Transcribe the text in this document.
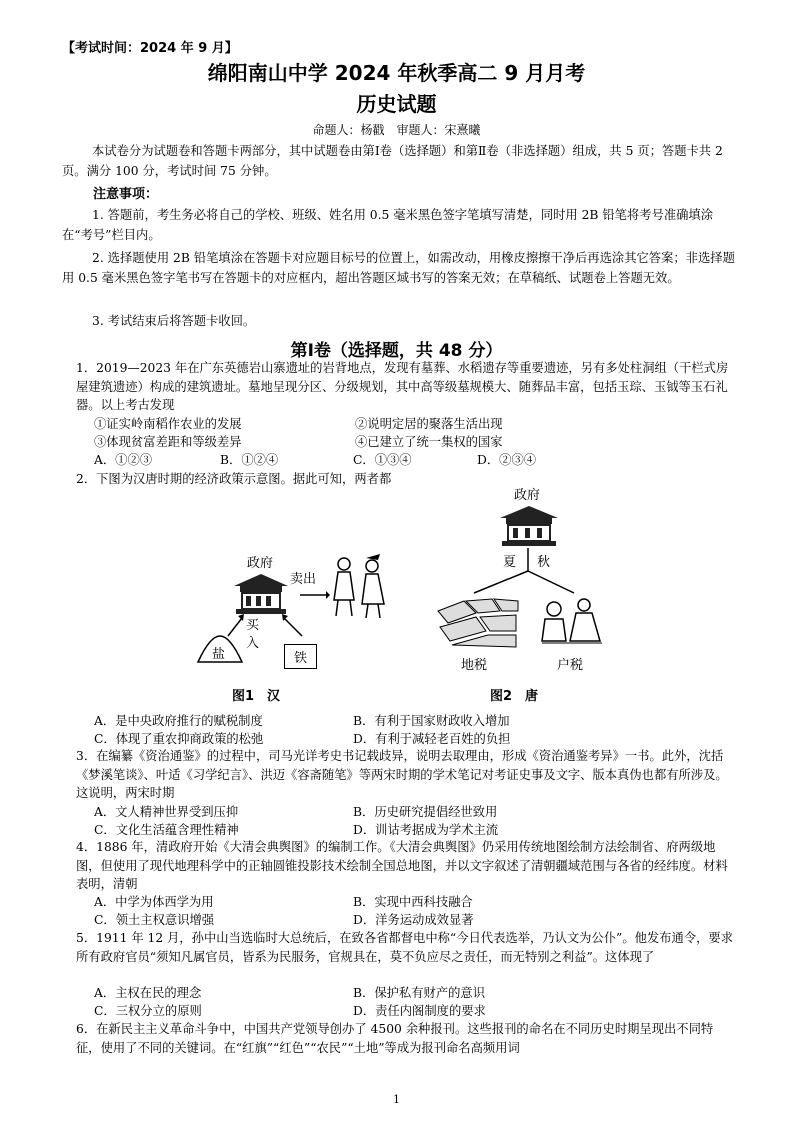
【考试时间：2024 年 9 月】
绵阳南山中学 2024 年秋季高二 9 月月考
历史试题
命题人：杨戳　审题人：宋熹曦
本试卷分为试题卷和答题卡两部分，其中试题卷由第Ⅰ卷（选择题）和第Ⅱ卷（非选择题）组成，共 5 页；答题卡共 2 页。满分 100 分，考试时间 75 分钟。
注意事项：
1. 答题前，考生务必将自己的学校、班级、姓名用 0.5 毫米黑色签字笔填写清楚，同时用 2B 铅笔将考号准确填涂在“考号”栏目内。
2. 选择题使用 2B 铅笔填涂在答题卡对应题目标号的位置上，如需改动，用橡皮擦擦干净后再选涂其它答案；非选择题用 0.5 毫米黑色签字笔书写在答题卡的对应框内，超出答题区域书写的答案无效；在草稿纸、试题卷上答题无效。
3. 考试结束后将答题卡收回。
第Ⅰ卷（选择题，共 48 分）
1．2019—2023 年在广东英德岩山寨遗址的岩背地点，发现有墓葬、水稻遗存等重要遗迹，另有多处柱洞组（干栏式房屋建筑遗迹）构成的建筑遗址。墓地呈现分区、分级规划，其中高等级墓规模大、随葬品丰富，包括玉琮、玉钺等玉石礼器。以上考古发现
①证实岭南稻作农业的发展	②说明定居的聚落生活出现
③体现贫富差距和等级差异	④已建立了统一集权的国家
A．①②③	B．①②④	C．①③④	D．②③④
2．下图为汉唐时期的经济政策示意图。据此可知，两者都
政府
卖出
买
入
盐	铁
图1　汉
政府
夏 秋
地税	户税
图2　唐
A．是中央政府推行的赋税制度	B．有利于国家财政收入增加
C．体现了重农抑商政策的松弛	D．有利于减轻老百姓的负担
3．在编纂《资治通鉴》的过程中，司马光详考史书记载歧异，说明去取理由，形成《资治通鉴考异》一书。此外，沈括《梦溪笔谈》、叶适《习学纪言》、洪迈《容斋随笔》等两宋时期的学术笔记对考证史事及文字、版本真伪也都有所涉及。这说明，两宋时期
A．文人精神世界受到压抑	B．历史研究提倡经世致用
C．文化生活蕴含理性精神	D．训诂考据成为学术主流
4．1886 年，清政府开始《大清会典舆图》的编制工作。《大清会典舆图》仍采用传统地图绘制方法绘制省、府两级地图，但使用了现代地理科学中的正轴圆锥投影技术绘制全国总地图，并以文字叙述了清朝疆域范围与各省的经纬度。材料表明，清朝
A．中学为体西学为用	B．实现中西科技融合
C．领土主权意识增强	D．洋务运动成效显著
5．1911 年 12 月，孙中山当选临时大总统后，在致各省都督电中称“今日代表选举，乃认文为公仆”。他发布通令，要求所有政府官员“须知凡属官员，皆系为民服务，官规具在，莫不负应尽之责任，而无特别之利益”。这体现了
A．主权在民的理念	B．保护私有财产的意识
C．三权分立的原则	D．责任内阁制度的要求
6．在新民主主义革命斗争中，中国共产党领导创办了 4500 余种报刊。这些报刊的命名在不同历史时期呈现出不同特征，使用了不同的关键词。在“红旗”“红色”“农民”“土地”等成为报刊命名高频用词
1
